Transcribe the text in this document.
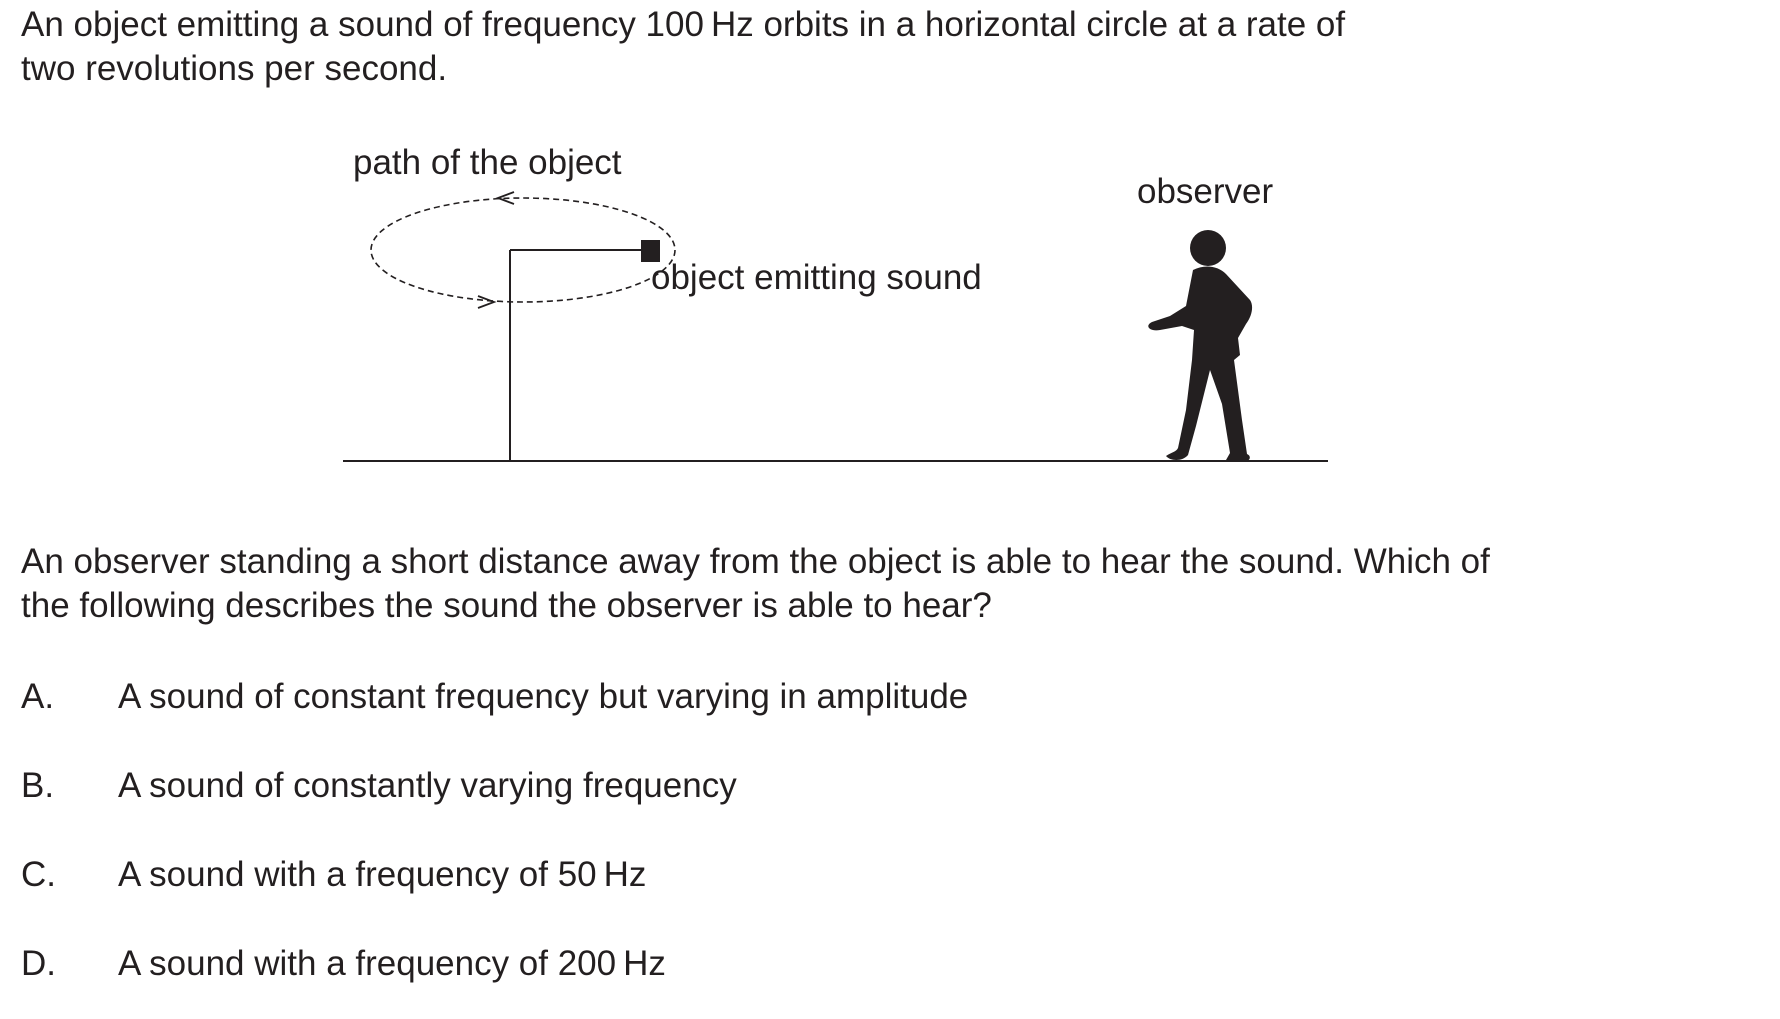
An object emitting a sound of frequency 100 Hz orbits in a horizontal circle at a rate of
two revolutions per second.
path of the object
observer
object emitting sound
An observer standing a short distance away from the object is able to hear the sound. Which of
the following describes the sound the observer is able to hear?
A. A sound of constant frequency but varying in amplitude
B. A sound of constantly varying frequency
C. A sound with a frequency of 50 Hz
D. A sound with a frequency of 200 Hz
